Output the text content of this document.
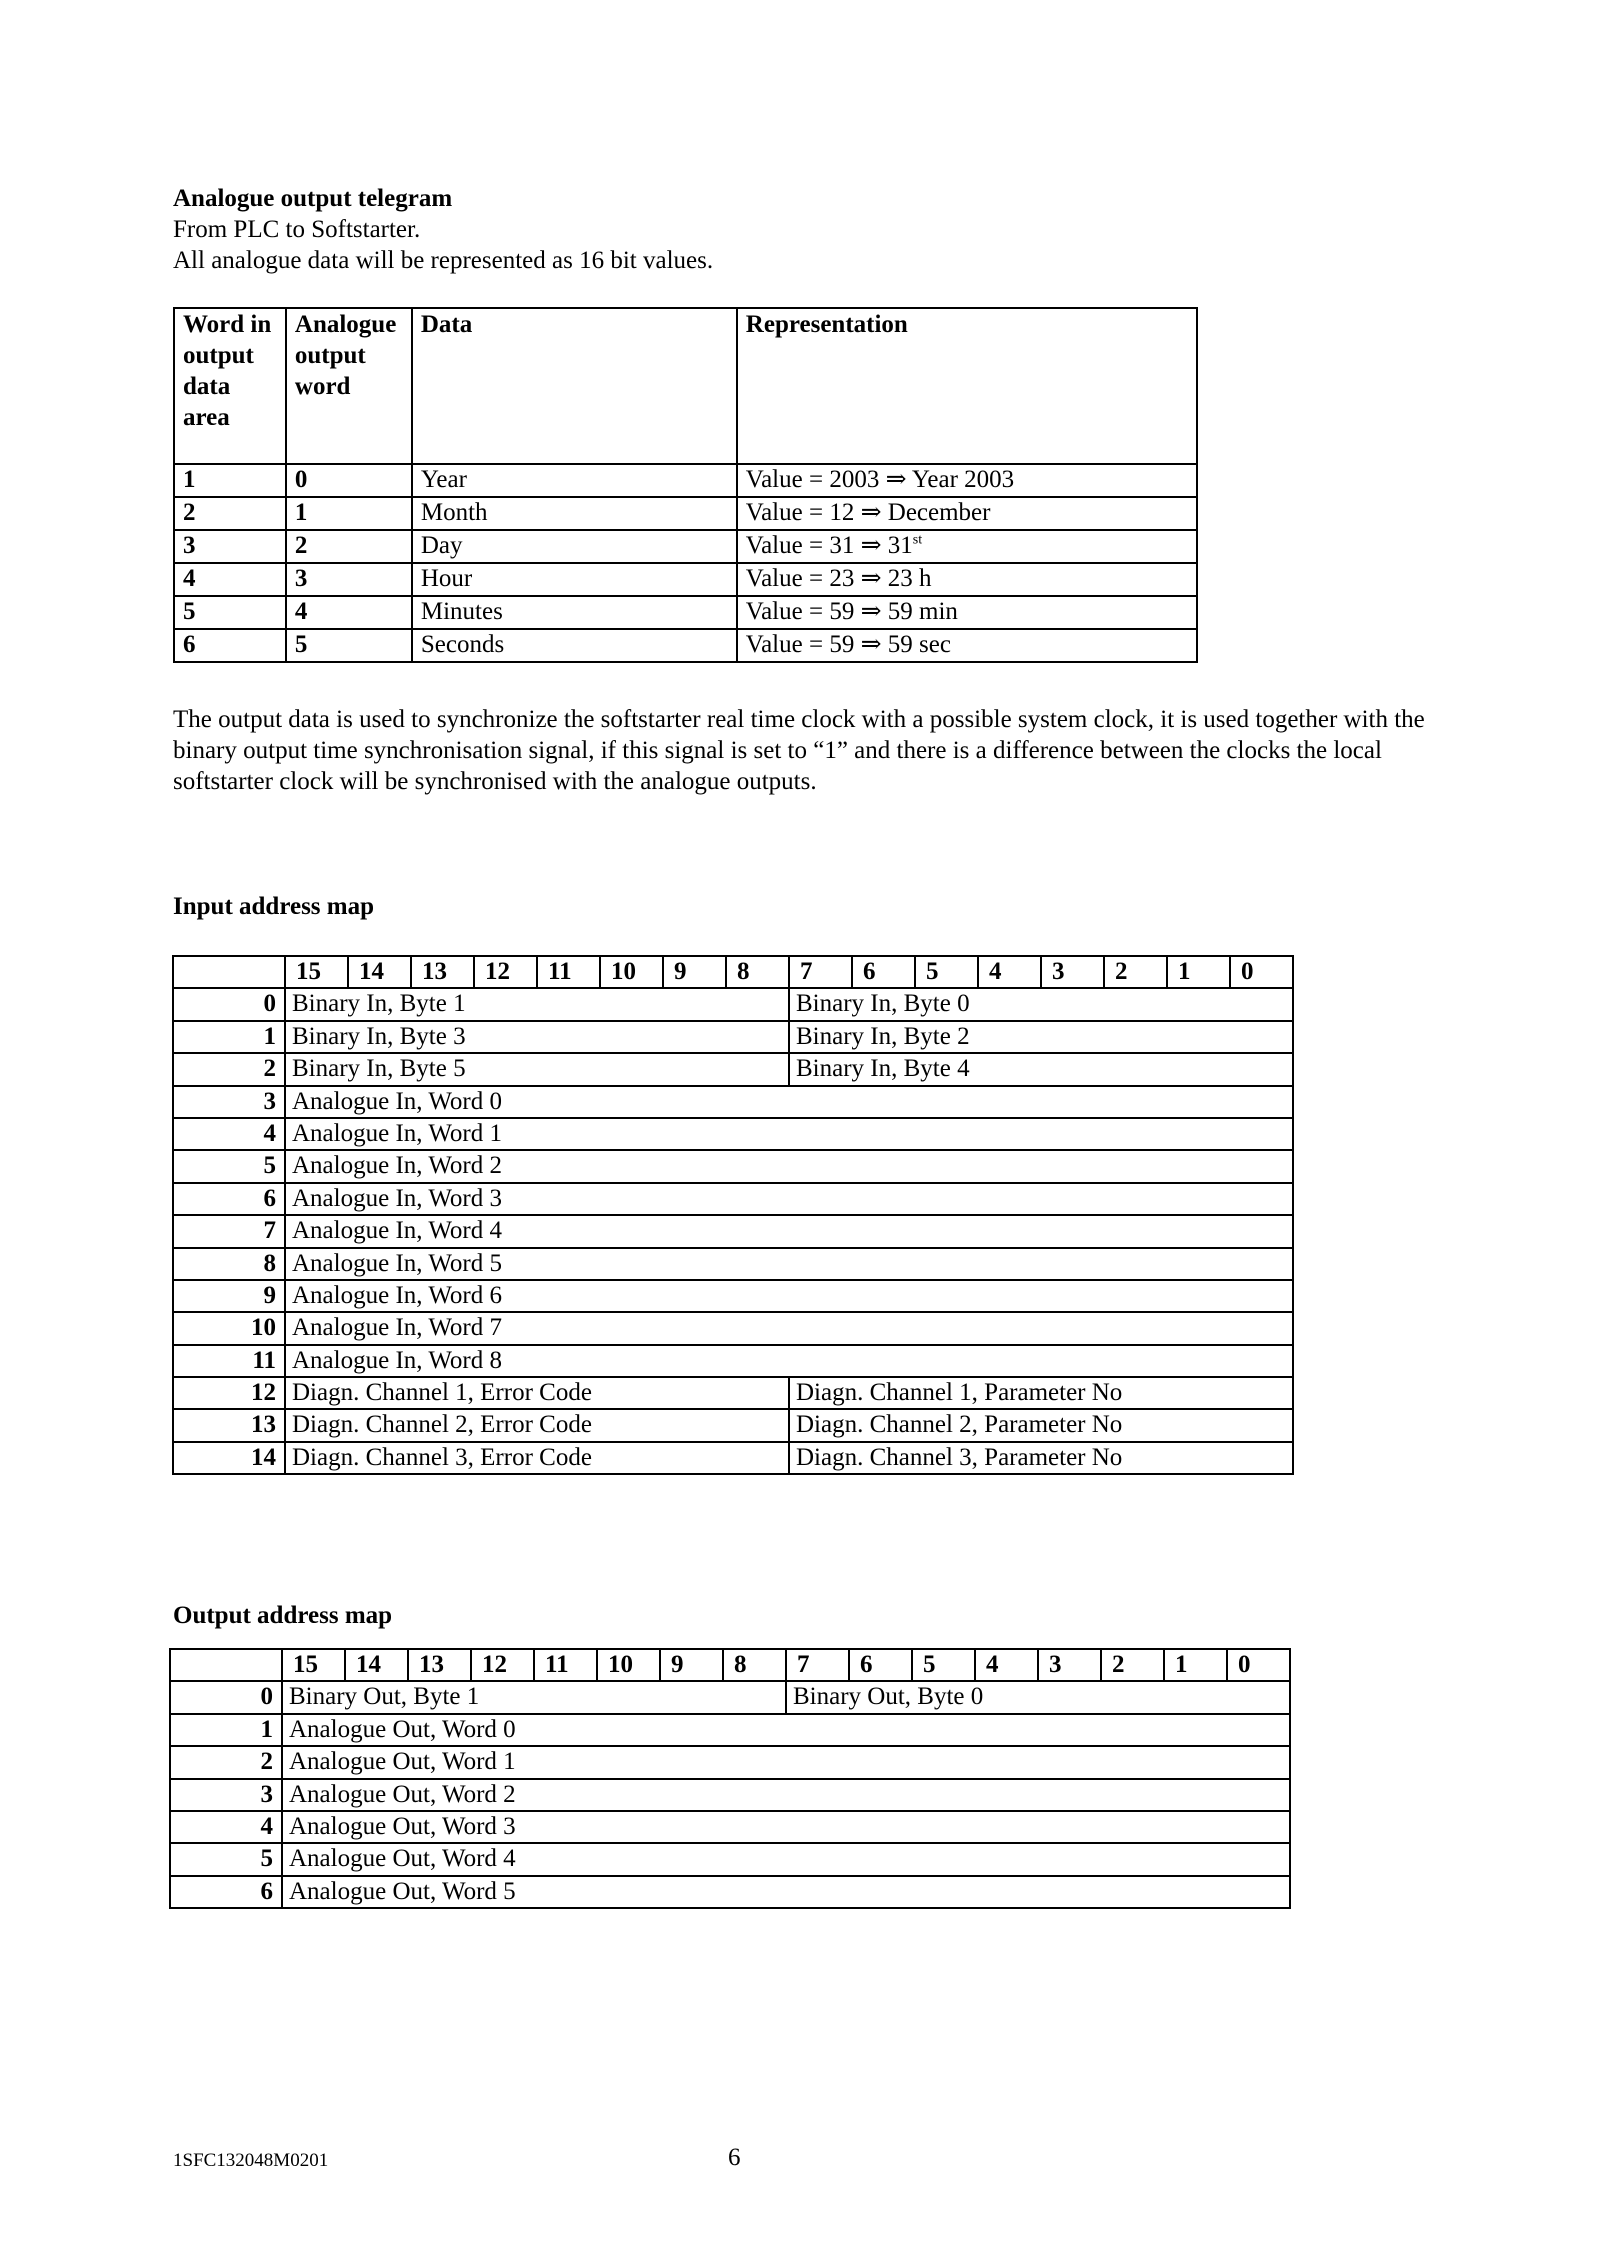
Analogue output telegram
From PLC to Softstarter.
All analogue data will be represented as 16 bit values.
Word in output data area	Analogue output word	Data	Representation
1	0	Year	Value = 2003 ⇒ Year 2003
2	1	Month	Value = 12 ⇒ December
3	2	Day	Value = 31 ⇒ 31st
4	3	Hour	Value = 23 ⇒ 23 h
5	4	Minutes	Value = 59 ⇒ 59 min
6	5	Seconds	Value = 59 ⇒ 59 sec
The output data is used to synchronize the softstarter real time clock with a possible system clock, it is used together with the binary output time synchronisation signal, if this signal is set to “1” and there is a difference between the clocks the local softstarter clock will be synchronised with the analogue outputs.
Input address map
	15	14	13	12	11	10	9	8	7	6	5	4	3	2	1	0
0	Binary In, Byte 1								Binary In, Byte 0							
1	Binary In, Byte 3								Binary In, Byte 2							
2	Binary In, Byte 5								Binary In, Byte 4							
3	Analogue In, Word 0															
4	Analogue In, Word 1															
5	Analogue In, Word 2															
6	Analogue In, Word 3															
7	Analogue In, Word 4															
8	Analogue In, Word 5															
9	Analogue In, Word 6															
10	Analogue In, Word 7															
11	Analogue In, Word 8															
12	Diagn. Channel 1, Error Code								Diagn. Channel 1, Parameter No							
13	Diagn. Channel 2, Error Code								Diagn. Channel 2, Parameter No							
14	Diagn. Channel 3, Error Code								Diagn. Channel 3, Parameter No							
Output address map
	15	14	13	12	11	10	9	8	7	6	5	4	3	2	1	0
0	Binary Out, Byte 1								Binary Out, Byte 0							
1	Analogue Out, Word 0															
2	Analogue Out, Word 1															
3	Analogue Out, Word 2															
4	Analogue Out, Word 3															
5	Analogue Out, Word 4															
6	Analogue Out, Word 5															
1SFC132048M0201	6
